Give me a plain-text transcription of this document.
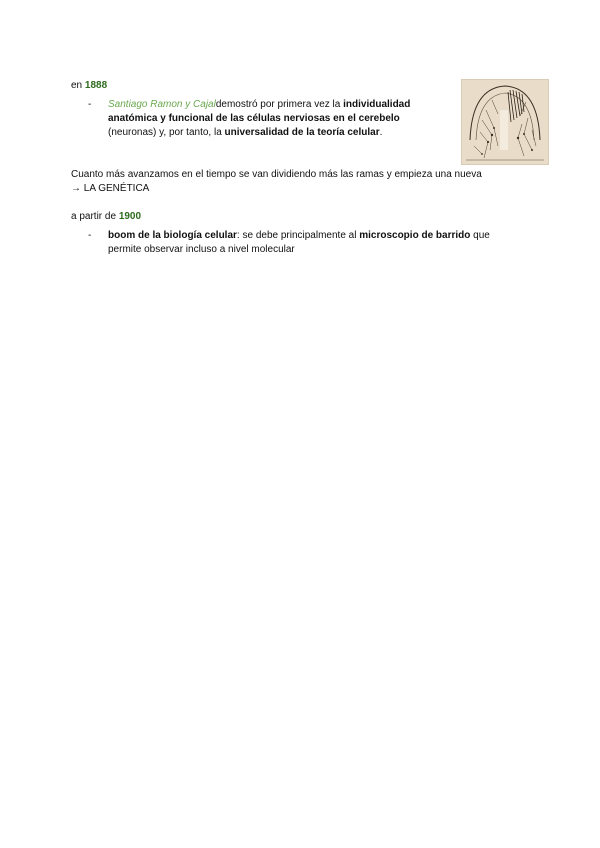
en 1888
- Santiago Ramon y Cajaldemostró por primera vez la individualidad
anatómica y funcional de las células nerviosas en el cerebelo
(neuronas) y, por tanto, la universalidad de la teoría celular.
Cuanto más avanzamos en el tiempo se van dividiendo más las ramas y empieza una nueva
→ LA GENÉTICA
a partir de 1900
- boom de la biología celular: se debe principalmente al microscopio de barrido que
permite observar incluso a nivel molecular
